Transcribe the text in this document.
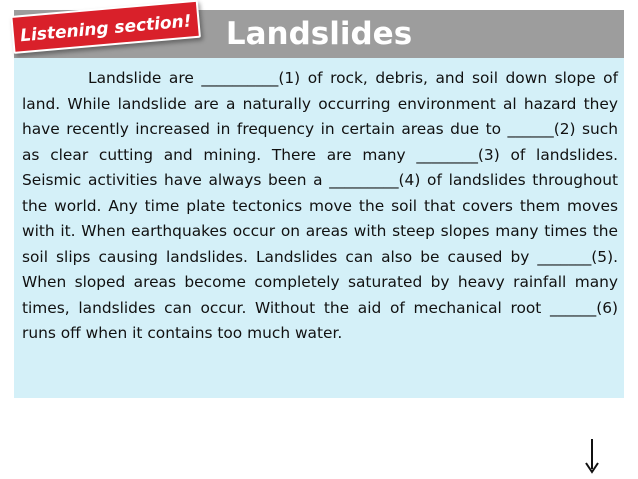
Landslides
Listening section!

Landslide are __________(1) of rock, debris, and soil down slope of land. While landslide are a naturally occurring environment al hazard they have recently increased in frequency in certain areas due to ______(2) such as clear cutting and mining. There are many ________(3) of landslides. Seismic activities have always been a _________(4) of landslides throughout the world. Any time plate tectonics move the soil that covers them moves with it. When earthquakes occur on areas with steep slopes many times the soil slips causing landslides. Landslides can also be caused by _______(5). When sloped areas become completely saturated by heavy rainfall many times, landslides can occur. Without the aid of mechanical root ______(6) runs off when it contains too much water.
